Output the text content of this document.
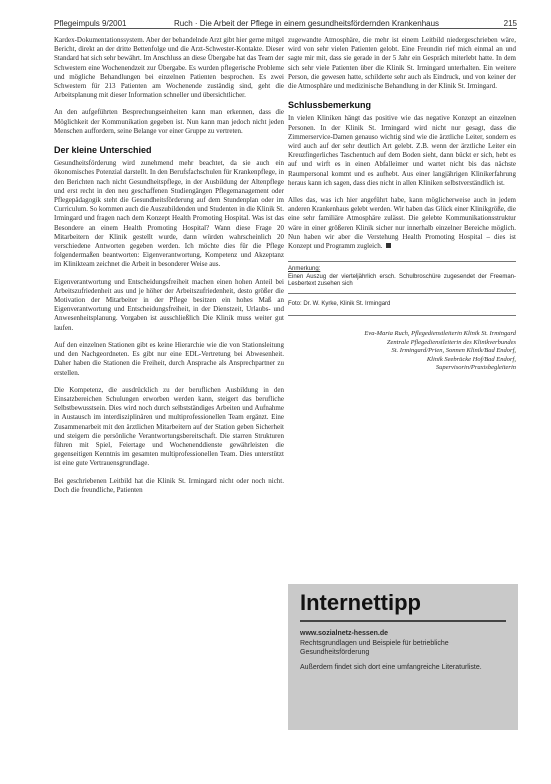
Pflegeimpuls 9/2001	Ruch · Die Arbeit der Pflege in einem gesundheitsfördernden Krankenhaus	215

Kardex-Dokumentationssystem. Aber der behandelnde Arzt gibt hier gerne mitgel Bericht, direkt an der dritte Bettenfolge und die Arzt-Schwester-Kontakte. Dieser Standard hat sich sehr bewährt. Im Anschluss an diese Übergabe hat das Team der Schwestern eine Wochenendzeit zur Übergabe. Es wurden pflegerische Probleme und mögliche Behandlungen bei einzelnen Patienten besprochen. Es zwei Schwestern für 213 Patienten am Wochenende zuständig sind, geht die Arbeitsplanung mit dieser Information schneller und übersichtlicher.

An den aufgeführten Besprechungseinheiten kann man erkennen, dass die Möglichkeit der Kommunikation gegeben ist. Nun kann man jedoch nicht jeden Menschen auffordern, seine Belange vor einer Gruppe zu vertreten.

Der kleine Unterschied

Gesundheitsförderung wird zunehmend mehr beachtet, da sie auch ein ökonomisches Potenzial darstellt. In den Berufsfachschulen für Krankenpflege, in den Berichten nach nicht Gesundheitspflege, in der Ausbildung der Altenpflege und erst recht in den neu geschaffenen Studiengängen Pflegemanagement oder Pflegepädagogik steht die Gesundheitsförderung auf dem Stundenplan oder im Curriculum. So kommen auch die Auszubildenden und Studenten in die Klinik St. Irmingard und fragen nach dem Konzept Health Promoting Hospital. Was ist das Besondere an einem Health Promoting Hospital? Wann diese Frage 20 Mitarbeitern der Klinik gestellt wurde, dann würden wahrscheinlich 20 verschiedene Antworten gegeben werden. Ich möchte dies für die Pflege folgendermaßen beantworten: Eigenverantwortung, Kompetenz und Akzeptanz im Klinikteam zeichnet die Arbeit in besonderer Weise aus.

Eigenverantwortung und Entscheidungsfreiheit machen einen hohen Anteil bei Arbeitszufriedenheit aus und je höher der Arbeitszufriedenheit, desto größer die Motivation der Mitarbeiter in der Pflege besitzen ein hohes Maß an Eigenverantwortung und Entscheidungsfreiheit, in der Dienstzeit, Urlaubs- und Anwesenheitsplanung. Vorgaben ist ausschließlich Die Klinik muss weiter gut laufen.

Auf den einzelnen Stationen gibt es keine Hierarchie wie die von Stationsleitung und den Nachgeordneten. Es gibt nur eine EDL-Vertretung bei Abwesenheit. Daher haben die Stationen die Freiheit, durch Ansprache als Ansprechpartner zu erstellen.

Die Kompetenz, die ausdrücklich zu der beruflichen Ausbildung in den Einsatzbereichen Schulungen erworben werden kann, steigert das berufliche Selbstbewusstsein. Dies wird noch durch selbstständiges Arbeiten und Aufnahme in Austausch im interdisziplinären und multiprofessionellen Team ergänzt. Eine Zusammenarbeit mit den ärztlichen Mitarbeitern auf der Station geben Sicherheit und steigern die persönliche Verantwortungsbereitschaft. Die starren Strukturen führen mit Spiel, Feiertage und Wochenenddienste gewährleisten die gegenseitigen Kenntnis im gesamten multiprofessionellen Team. Dies unterstützt ist eine gute Vertrauensgrundlage.

Bei geschriebenen Leitbild hat die Klinik St. Irmingard nicht oder noch nicht. Doch die freundliche, Patienten

zugewandte Atmosphäre, die mehr ist einem Leitbild niedergeschrieben wäre, wird von sehr vielen Patienten gelobt. Eine Freundin rief mich einmal an und sagte mir mit, dass sie gerade in der 5 Jahr ein Gespräch miterlebt hatte. In dem sich sehr viele Patienten über die Klinik St. Irmingard unterhalten. Ein weitere Person, die gewesen hatte, schilderte sehr auch als Eindruck, und von keiner der die Atmosphäre und medizinische Behandlung in der Klinik St. Irmingard.

Schlussbemerkung

In vielen Kliniken hängt das positive wie das negative Konzept an einzelnen Personen. In der Klinik St. Irmingard wird nicht nur gesagt, dass die Zimmerservice-Damen genauso wichtig sind wie die ärztliche Leiter, sondern es wird auch auf der sehr deutlich Art gelebt. Z.B. wenn der ärztliche Leiter ein Kreuzfingerliches Taschentuch auf dem Boden sieht, dann bückt er sich, hebt es auf und wirft es in einen Abfalleimer und wartet nicht bis das nächste Raumpersonal kommt und es aufhebt. Aus einer langjährigen Klinikerfahrung heraus kann ich sagen, dass dies nicht in allen Kliniken selbstverständlich ist.

Alles das, was ich hier angeführt habe, kann möglicherweise auch in jedem anderen Krankenhaus gelebt werden. Wir haben das Glück einer Klinikgröße, die eine sehr familiäre Atmosphäre zulässt. Die gelebte Kommunikationsstruktur wäre in einer größeren Klinik sicher nur innerhalb einzelner Bereiche möglich. Nun haben wir aber die Verstehung Health Promoting Hospital – dies ist Konzept und Programm zugleich.

Anmerkung:
Einen Auszug der vierteljährlich ersch. Schulbroschüre zugesendet der Freeman-Lesbertext zusehen sich
Foto: Dr. W. Kyrke, Klinik St. Irmingard
Eva-Maria Ruch, Pflegedienstleiterin Klinik St. Irmingard
Zentrale Pflegedienstleiterin des Klinikverbundes
St. Irmingard/Prien, Sonnen Klinik/Bad Endorf,
Klinik Seebrücke Hof/Bad Endorf,
Supervisorin/Praxisbegleiterin
Internettipp
www.sozialnetz-hessen.de
Rechtsgrundlagen und Beispiele für betriebliche Gesundheitsförderung
Außerdem findet sich dort eine umfangreiche Literaturliste.
